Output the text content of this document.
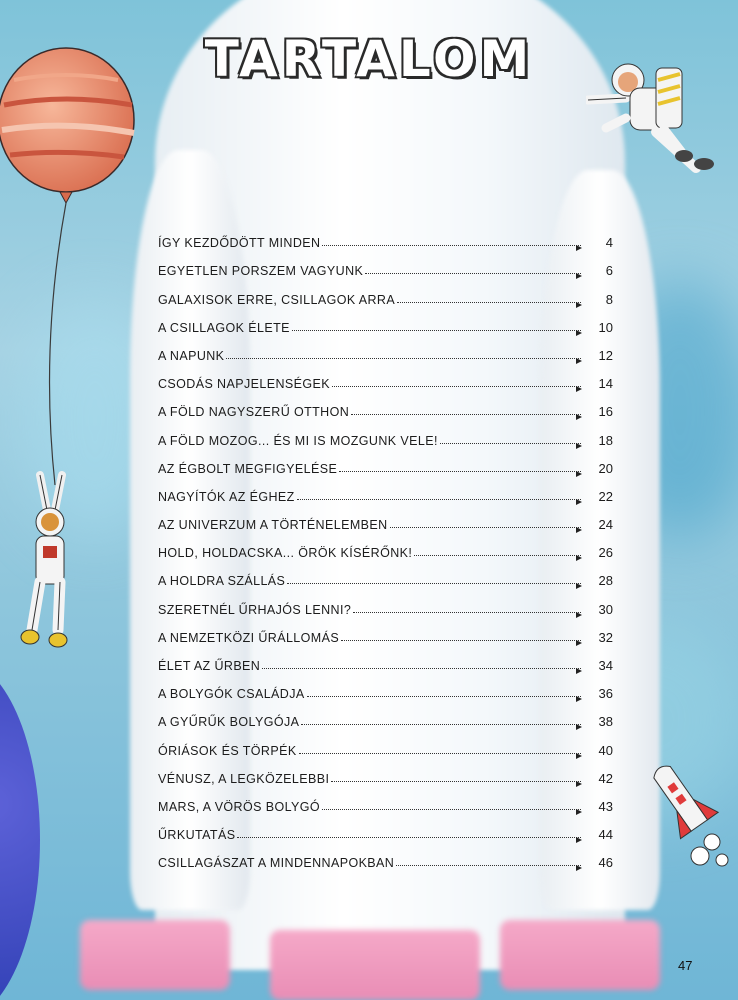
TARTALOM
ÍGY KEZDŐDÖTT MINDEN	4
EGYETLEN PORSZEM VAGYUNK	6
GALAXISOK ERRE, CSILLAGOK ARRA	8
A CSILLAGOK ÉLETE	10
A NAPUNK	12
CSODÁS NAPJELENSÉGEK	14
A FÖLD NAGYSZERŰ OTTHON	16
A FÖLD MOZOG... ÉS MI IS MOZGUNK VELE!	18
AZ ÉGBOLT MEGFIGYELÉSE	20
NAGYÍTÓK AZ ÉGHEZ	22
AZ UNIVERZUM A TÖRTÉNELEMBEN	24
HOLD, HOLDACSKA... ÖRÖK KÍSÉRŐNK!	26
A HOLDRA SZÁLLÁS	28
SZERETNÉL ŰRHAJÓS LENNI?	30
A NEMZETKÖZI ŰRÁLLOMÁS	32
ÉLET AZ ŰRBEN	34
A BOLYGÓK CSALÁDJA	36
A GYŰRŰK BOLYGÓJA	38
ÓRIÁSOK ÉS TÖRPÉK	40
VÉNUSZ, A LEGKÖZELEBBI	42
MARS, A VÖRÖS BOLYGÓ	43
ŰRKUTATÁS	44
CSILLAGÁSZAT A MINDENNAPOKBAN	46
47
